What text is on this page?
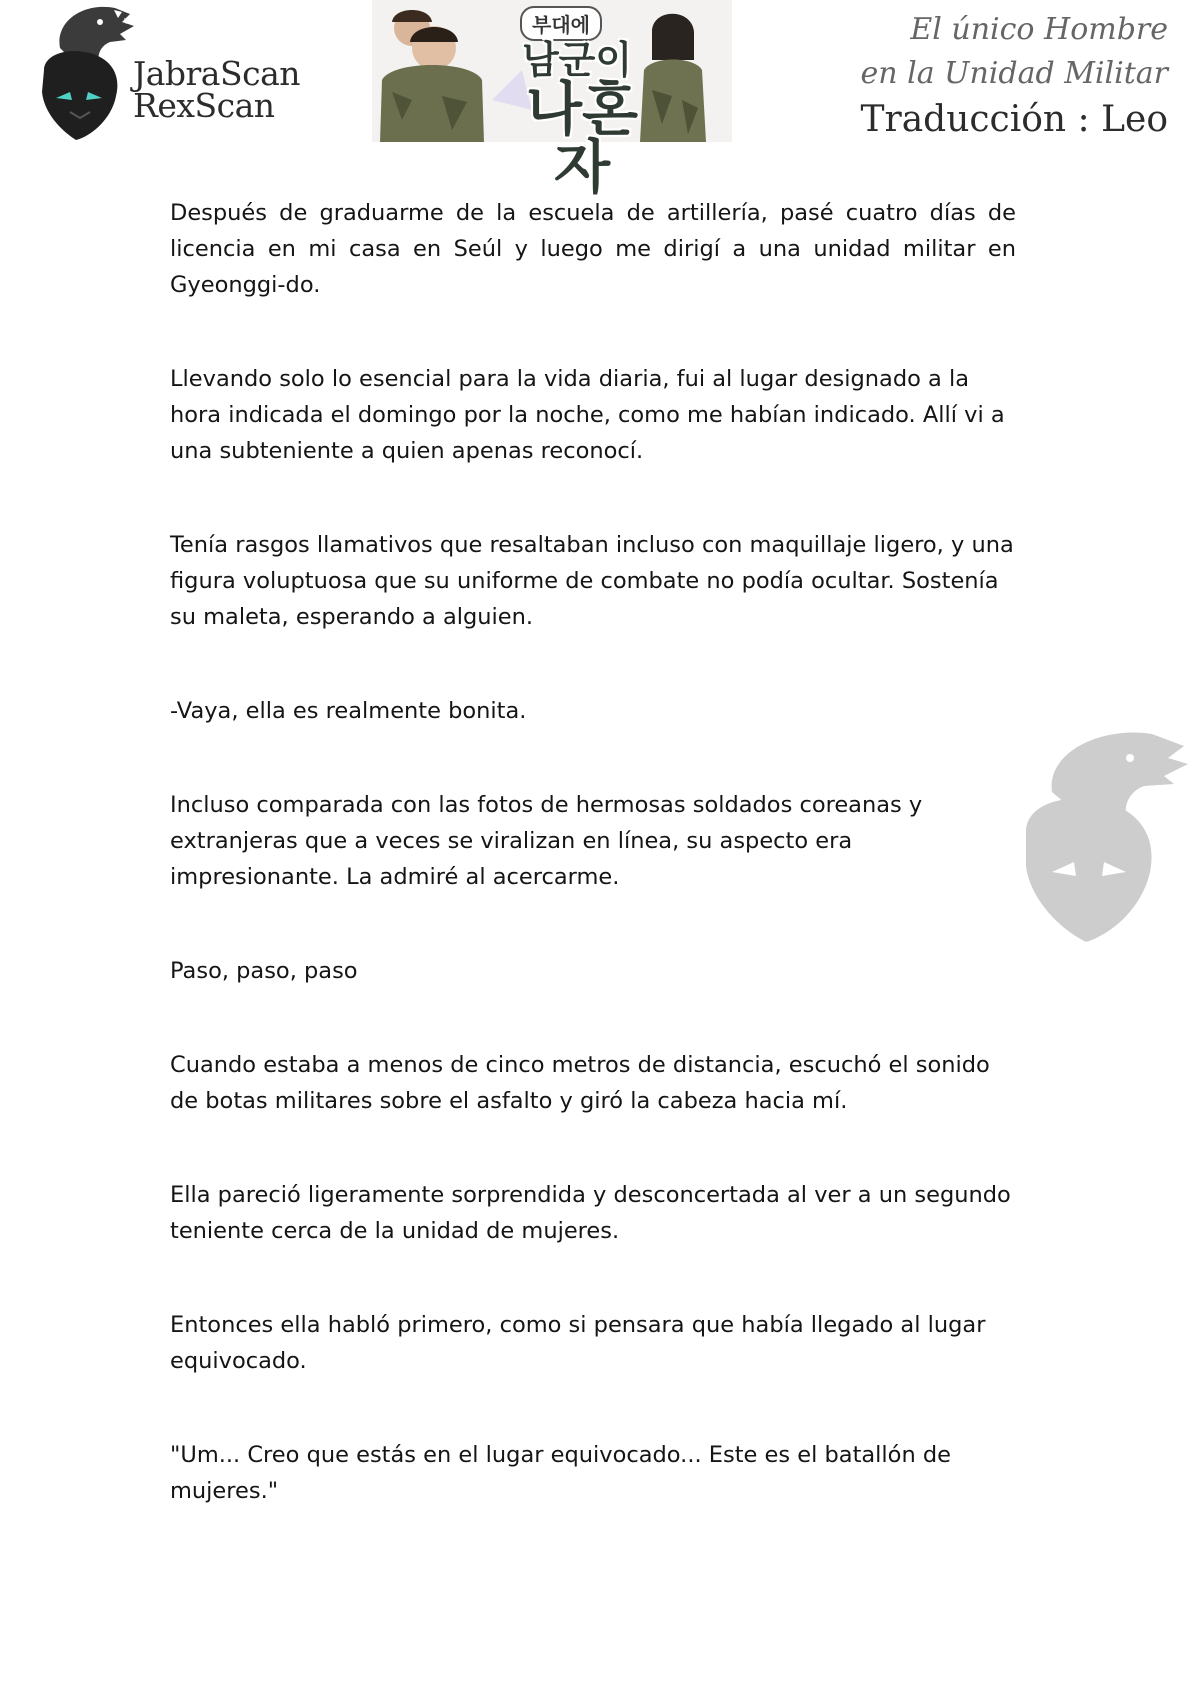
JabraScan
RexScan
부대에
남군이
나혼자
El único Hombre
en la Unidad Militar
Traducción : Leo

Después de graduarme de la escuela de artillería, pasé cuatro días de licencia en mi casa en Seúl y luego me dirigí a una unidad militar en Gyeonggi-do.

Llevando solo lo esencial para la vida diaria, fui al lugar designado a la hora indicada el domingo por la noche, como me habían indicado. Allí vi a una subteniente a quien apenas reconocí.

Tenía rasgos llamativos que resaltaban incluso con maquillaje ligero, y una figura voluptuosa que su uniforme de combate no podía ocultar. Sostenía su maleta, esperando a alguien.

-Vaya, ella es realmente bonita.

Incluso comparada con las fotos de hermosas soldados coreanas y extranjeras que a veces se viralizan en línea, su aspecto era impresionante. La admiré al acercarme.

Paso, paso, paso

Cuando estaba a menos de cinco metros de distancia, escuchó el sonido de botas militares sobre el asfalto y giró la cabeza hacia mí.

Ella pareció ligeramente sorprendida y desconcertada al ver a un segundo teniente cerca de la unidad de mujeres.

Entonces ella habló primero, como si pensara que había llegado al lugar equivocado.

"Um... Creo que estás en el lugar equivocado... Este es el batallón de mujeres."
